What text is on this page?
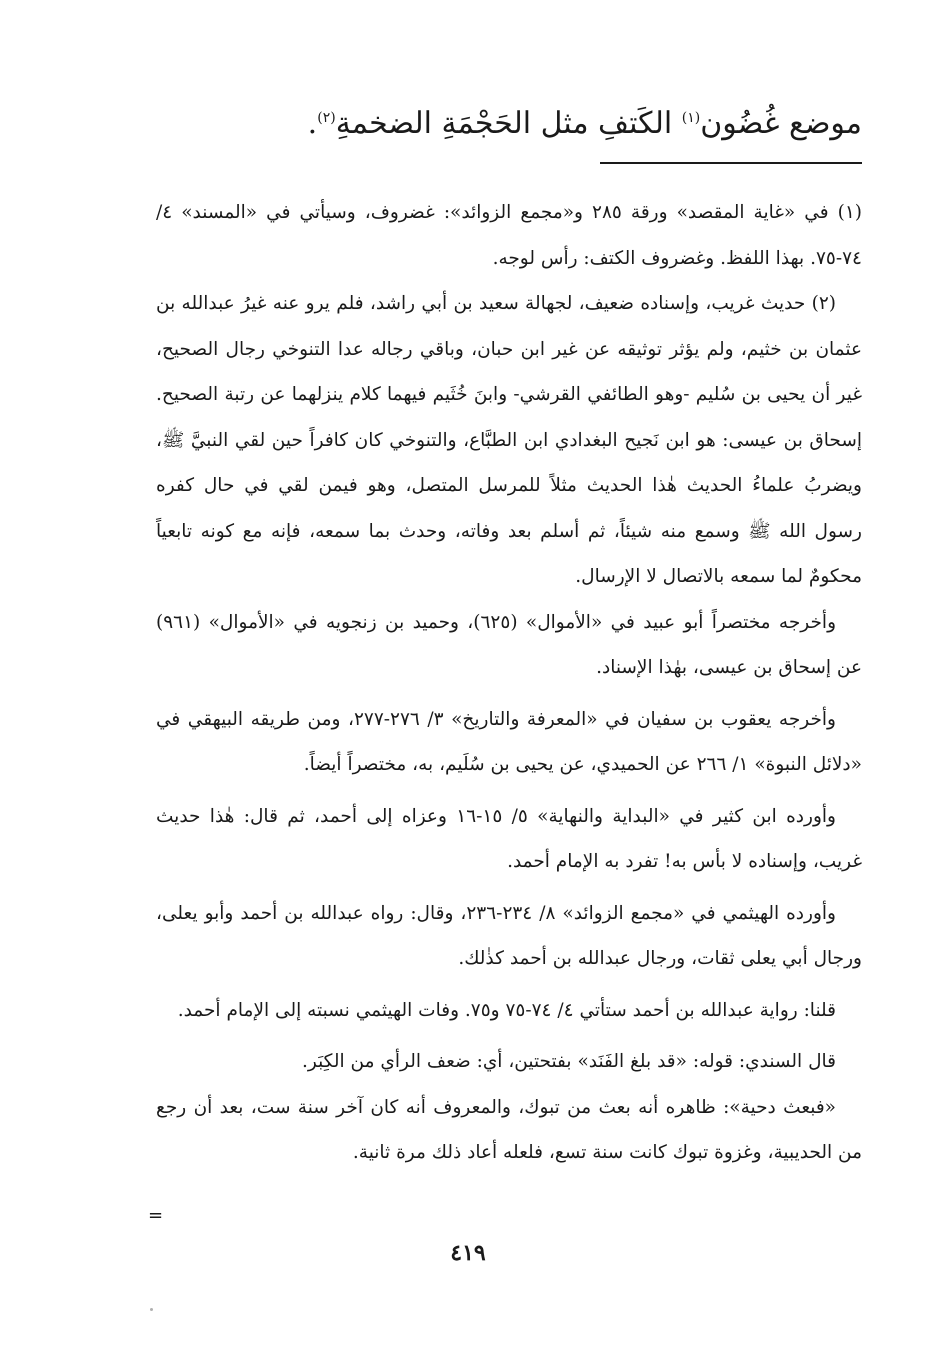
موضع غُضُون$^{(١)}$ الكَتفِ مثل الحَجْمَةِ الضخمةِ$^{(٢)}$.

(١) في «غاية المقصد» ورقة ٢٨٥ و«مجمع الزوائد»: غضروف، وسيأتي في «المسند» ٤/ ٧٤-٧٥. بهذا اللفظ. وغضروف الكتف: رأس لوجه.

(٢) حديث غريب، وإسناده ضعيف، لجهالة سعيد بن أبي راشد، فلم يرو عنه غيرُ عبدالله بن عثمان بن خثيم، ولم يؤثر توثيقه عن غير ابن حبان، وباقي رجاله عدا التنوخي رجال الصحيح، غير أن يحيى بن سُليم -وهو الطائفي القرشي- وابنَ خُثَيم فيهما كلام ينزلهما عن رتبة الصحيح. إسحاق بن عيسى: هو ابن نَجيح البغدادي ابن الطبَّاع، والتنوخي كان كافراً حين لقي النبيَّ ﷺ، ويضربُ علماءُ الحديث هٰذا الحديث مثلاً للمرسل المتصل، وهو فيمن لقي في حال كفره رسول الله ﷺ وسمع منه شيئاً، ثم أسلم بعد وفاته، وحدث بما سمعه، فإنه مع كونه تابعياً محكومٌ لما سمعه بالاتصال لا الإرسال.

وأخرجه مختصراً أبو عبيد في «الأموال» (٦٢٥)، وحميد بن زنجويه في «الأموال» (٩٦١) عن إسحاق بن عيسى، بهٰذا الإسناد.

وأخرجه يعقوب بن سفيان في «المعرفة والتاريخ» ٣/ ٢٧٦-٢٧٧، ومن طريقه البيهقي في «دلائل النبوة» ١/ ٢٦٦ عن الحميدي، عن يحيى بن سُلَيم، به، مختصراً أيضاً.

وأورده ابن كثير في «البداية والنهاية» ٥/ ١٥-١٦ وعزاه إلى أحمد، ثم قال: هٰذا حديث غريب، وإسناده لا بأس به! تفرد به الإمام أحمد.

وأورده الهيثمي في «مجمع الزوائد» ٨/ ٢٣٤-٢٣٦، وقال: رواه عبدالله بن أحمد وأبو يعلى، ورجال أبي يعلى ثقات، ورجال عبدالله بن أحمد كذٰلك.

قلنا: رواية عبدالله بن أحمد ستأتي ٤/ ٧٤-٧٥ و٧٥. وفات الهيثمي نسبته إلى الإمام أحمد.

قال السندي: قوله: «قد بلغ الفَنَد» بفتحتين، أي: ضعف الرأي من الكِبَر.

«فبعث دحية»: ظاهره أنه بعث من تبوك، والمعروف أنه كان آخر سنة ست، بعد أن رجع من الحديبية، وغزوة تبوك كانت سنة تسع، فلعله أعاد ذلك مرة ثانية.

=
٤١٩
